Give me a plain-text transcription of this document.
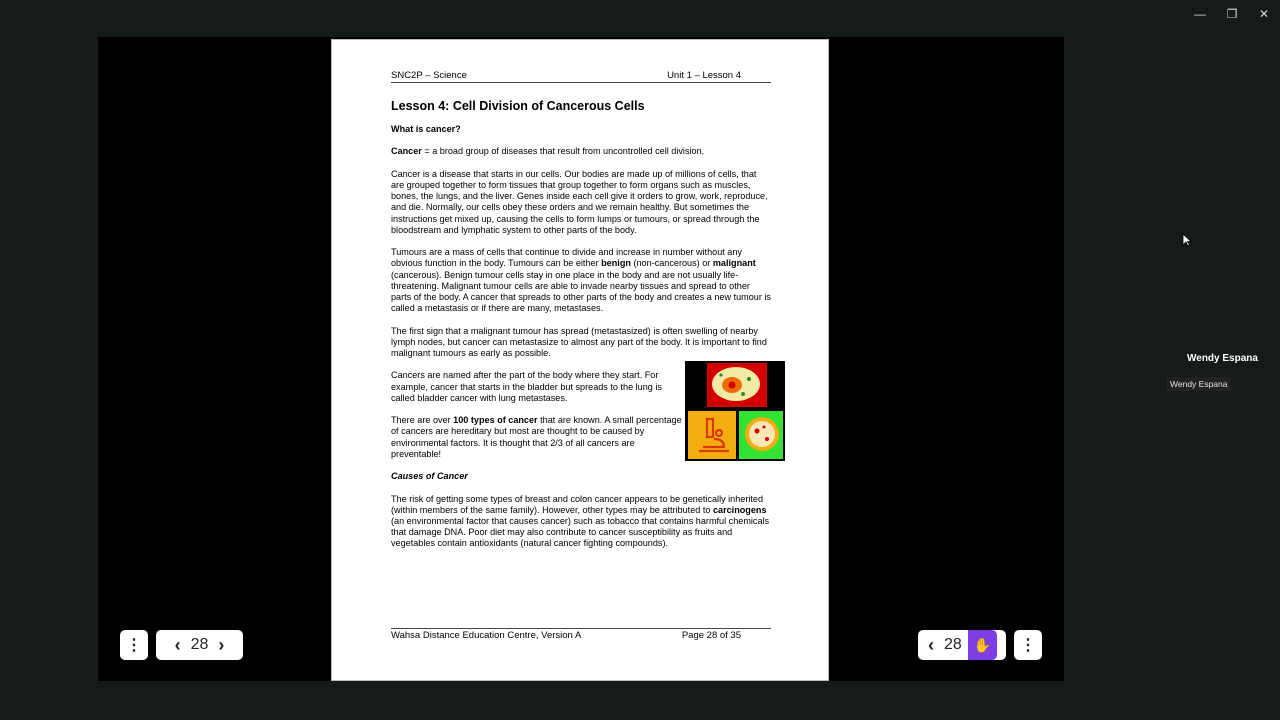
—	❐	✕
SNC2P – Science	Unit 1 – Lesson 4
Lesson 4: Cell Division of Cancerous Cells

What is cancer?

Cancer = a broad group of diseases that result from uncontrolled cell division.

Cancer is a disease that starts in our cells. Our bodies are made up of millions of cells, that are grouped together to form tissues that group together to form organs such as muscles, bones, the lungs, and the liver. Genes inside each cell give it orders to grow, work, reproduce, and die. Normally, our cells obey these orders and we remain healthy. But sometimes the instructions get mixed up, causing the cells to form lumps or tumours, or spread through the bloodstream and lymphatic system to other parts of the body.

Tumours are a mass of cells that continue to divide and increase in number without any obvious function in the body. Tumours can be either benign (non-cancerous) or malignant (cancerous). Benign tumour cells stay in one place in the body and are not usually life-threatening. Malignant tumour cells are able to invade nearby tissues and spread to other parts of the body. A cancer that spreads to other parts of the body and creates a new tumour is called a metastasis or if there are many, metastases.

The first sign that a malignant tumour has spread (metastasized) is often swelling of nearby lymph nodes, but cancer can metastasize to almost any part of the body. It is important to find malignant tumours as early as possible.

Cancers are named after the part of the body where they start. For example, cancer that starts in the bladder but spreads to the lung is called bladder cancer with lung metastases.

There are over 100 types of cancer that are known. A small percentage of cancers are hereditary but most are thought to be caused by environmental factors. It is thought that 2/3 of all cancers are preventable!

Causes of Cancer

The risk of getting some types of breast and colon cancer appears to be genetically inherited (within members of the same family). However, other types may be attributed to carcinogens (an environmental factor that causes cancer) such as tobacco that contains harmful chemicals that damage DNA. Poor diet may also contribute to cancer susceptibility as fruits and vegetables contain antioxidants (natural cancer fighting compounds).

Wahsa Distance Education Centre, Version A	Page 28 of 35
⋮	‹ 28 ›	‹ 28 ✋	⋮
Wendy Espana
Wendy Espana
